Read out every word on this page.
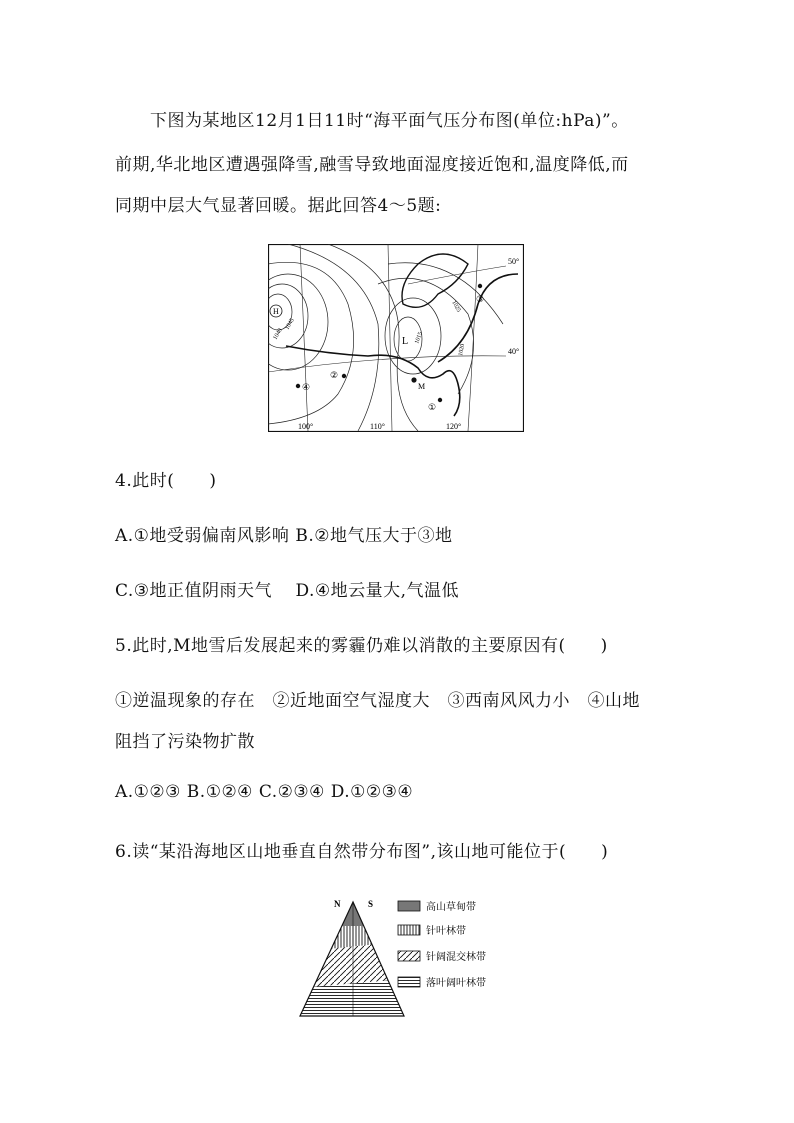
下图为某地区12月1日11时“海平面气压分布图(单位:hPa)”。
前期,华北地区遭遇强降雪,融雪导致地面湿度接近饱和,温度降低,而
同期中层大气显著回暖。据此回答4～5题:
50°
40°
100°	110°	120°
H
L
M
1045
1040
1025
1015
1020
④
②
③
①
4.此时(　　)
A.①地受弱偏南风影响 B.②地气压大于③地
C.③地正值阴雨天气　 D.④地云量大,气温低
5.此时,M地雪后发展起来的雾霾仍难以消散的主要原因有(　　)
①逆温现象的存在　②近地面空气湿度大　③西南风风力小　④山地
阻挡了污染物扩散
A.①②③ B.①②④ C.②③④ D.①②③④
6.读“某沿海地区山地垂直自然带分布图”,该山地可能位于(　　)
N	S	高山草甸带
针叶林带
针阔混交林带
落叶阔叶林带
